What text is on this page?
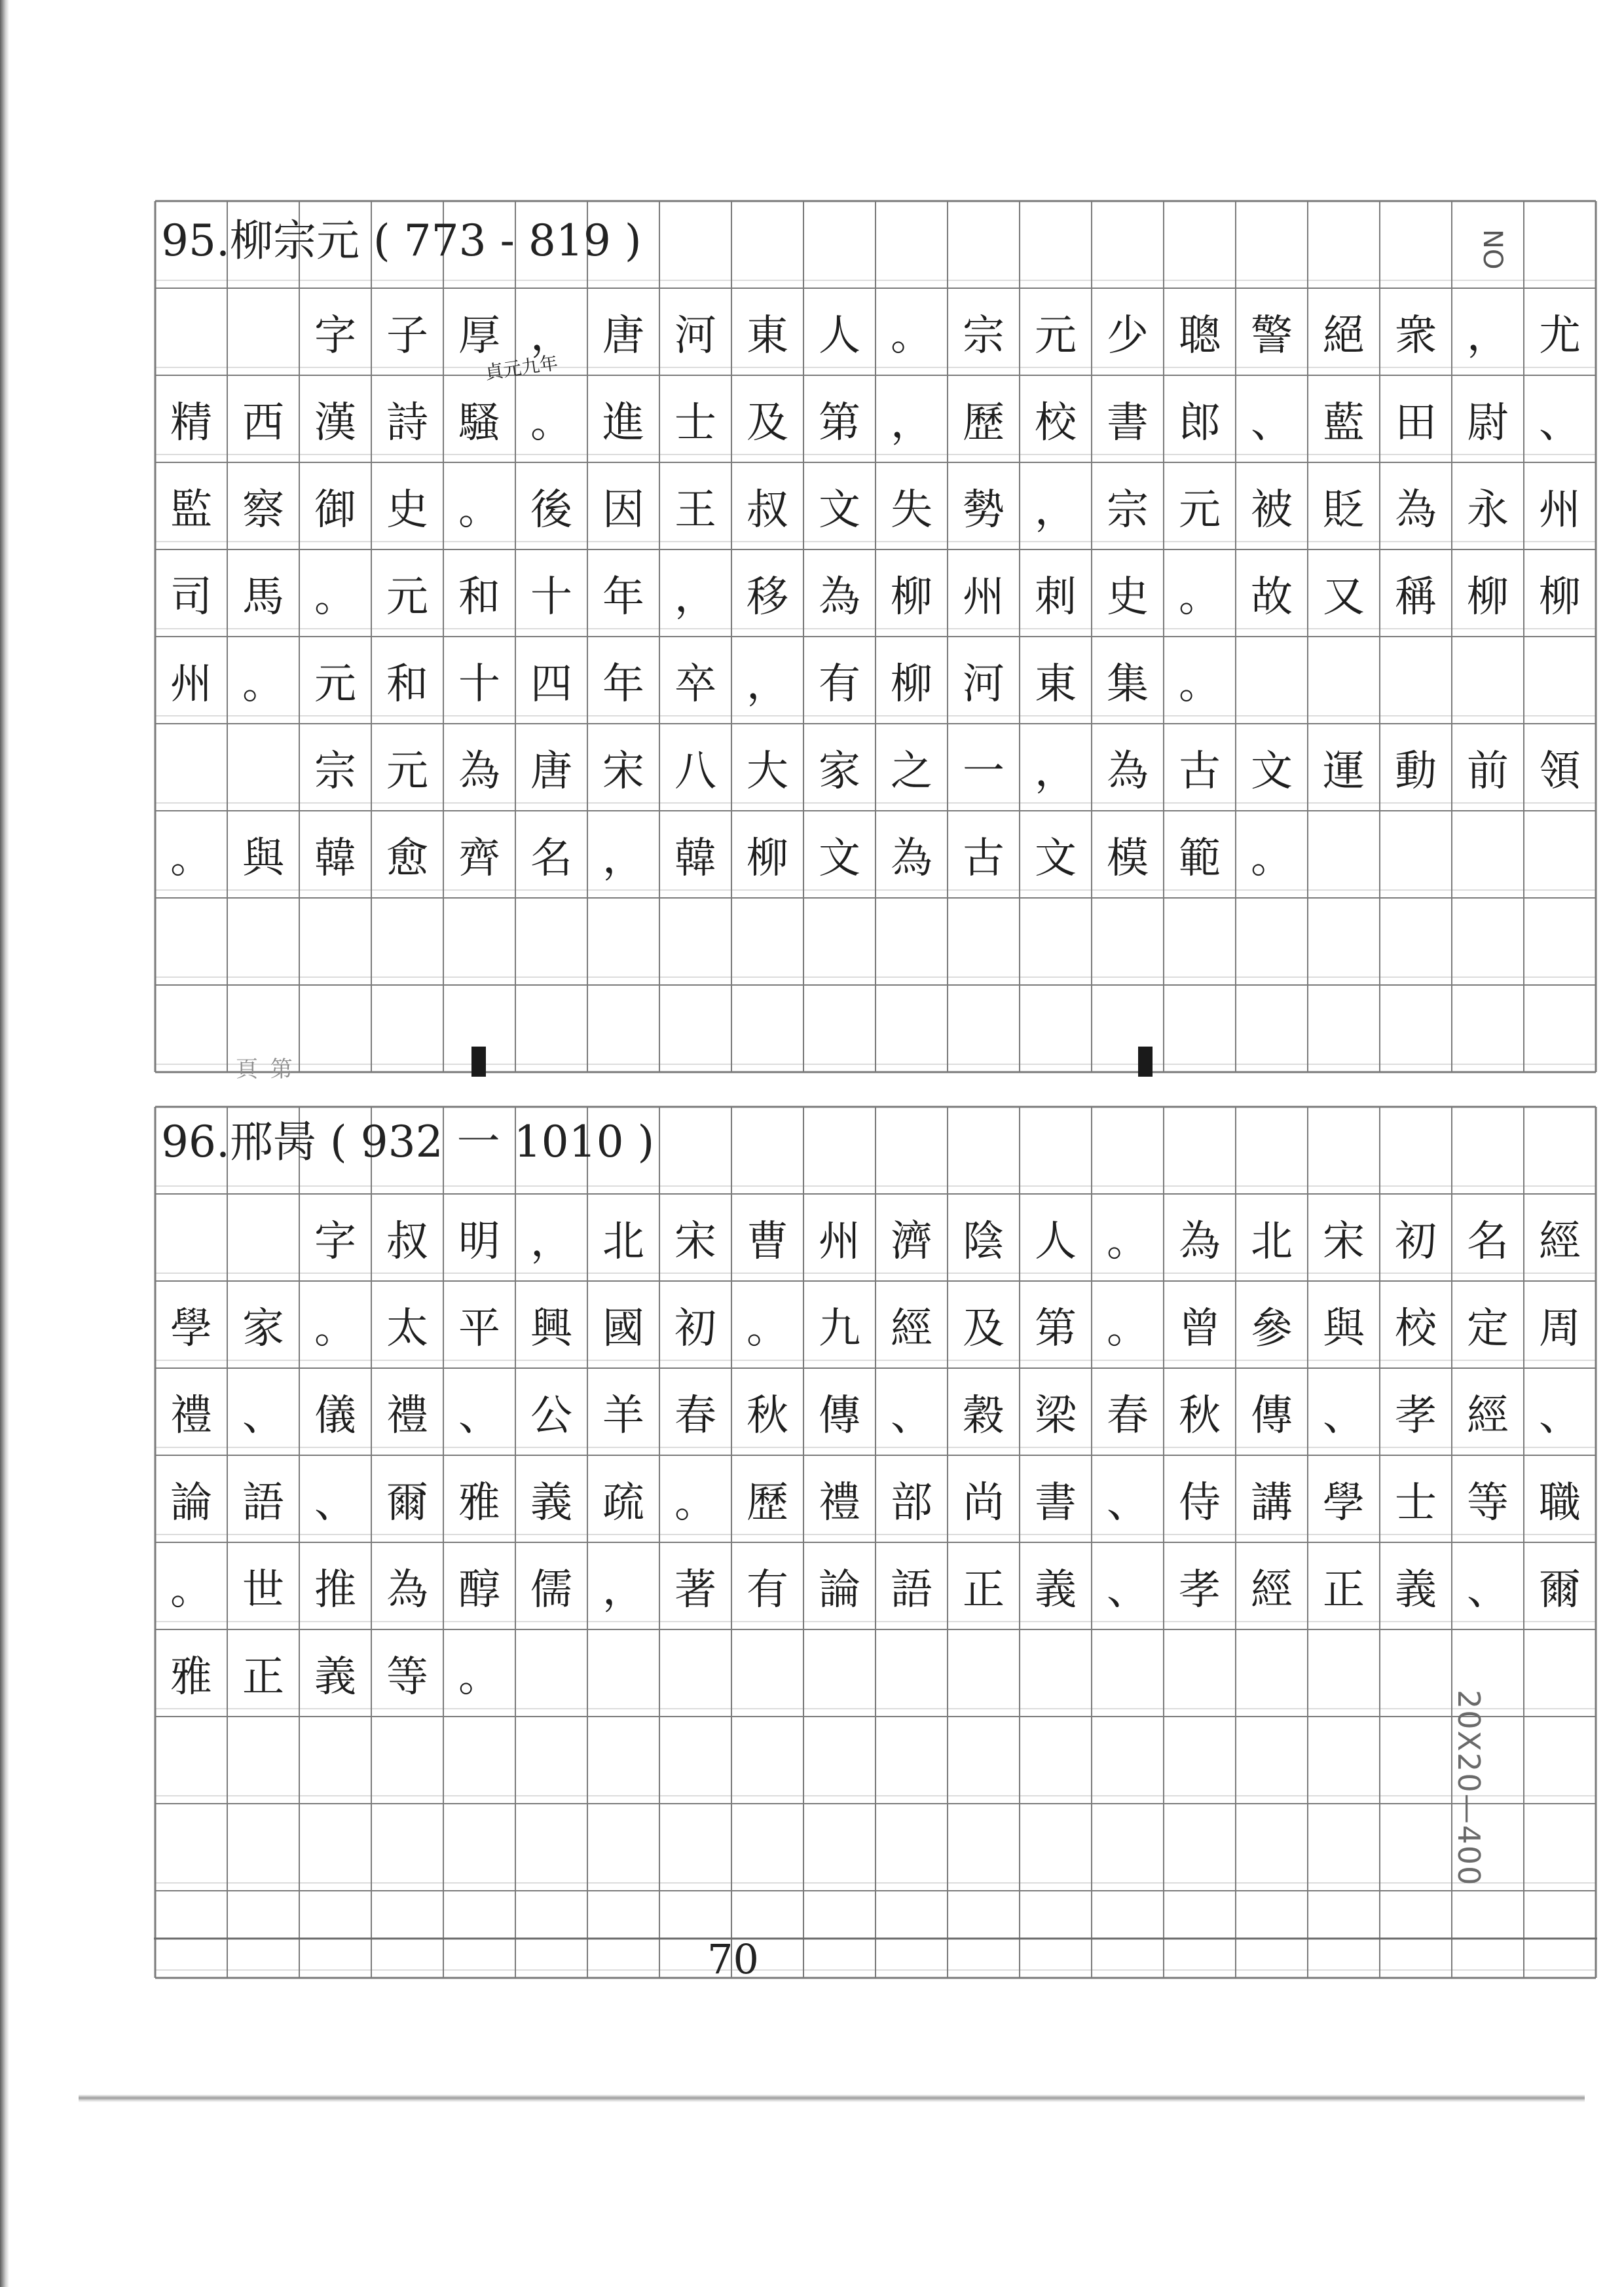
95.柳宗元 ( 773 - 819 )
字 子 厚 ， 唐 河 東 人 。 宗 元 少 聰 警 絕 衆 ， 尤
精 西 漢 詩 騷 。 進 士 及 第 ， 歷 校 書 郎 、 藍 田 尉 、
監 察 御 史 。 後 因 王 叔 文 失 勢 ， 宗 元 被 貶 為 永 州
司 馬 。 元 和 十 年 ， 移 為 柳 州 刺 史 。 故 又 稱 柳 柳
州 。 元 和 十 四 年 卒 ， 有 柳 河 東 集 。
宗 元 為 唐 宋 八 大 家 之 一 ， 為 古 文 運 動 前 領
。 與 韓 愈 齊 名 ， 韓 柳 文 為 古 文 模 範 。
貞元九年
頁 第
96.邢昺 ( 932 一 1010 )
字 叔 明 ， 北 宋 曹 州 濟 陰 人 。 為 北 宋 初 名 經
學 家 。 太 平 興 國 初 。 九 經 及 第 。 曾 參 與 校 定 周
禮 、 儀 禮 、 公 羊 春 秋 傳 、 穀 梁 春 秋 傳 、 孝 經 、
論 語 、 爾 雅 義 疏 。 歷 禮 部 尚 書 、 侍 講 學 士 等 職
。 世 推 為 醇 儒 ， 著 有 論 語 正 義 、 孝 經 正 義 、 爾
雅 正 義 等 。
70
20X20—400
NO
